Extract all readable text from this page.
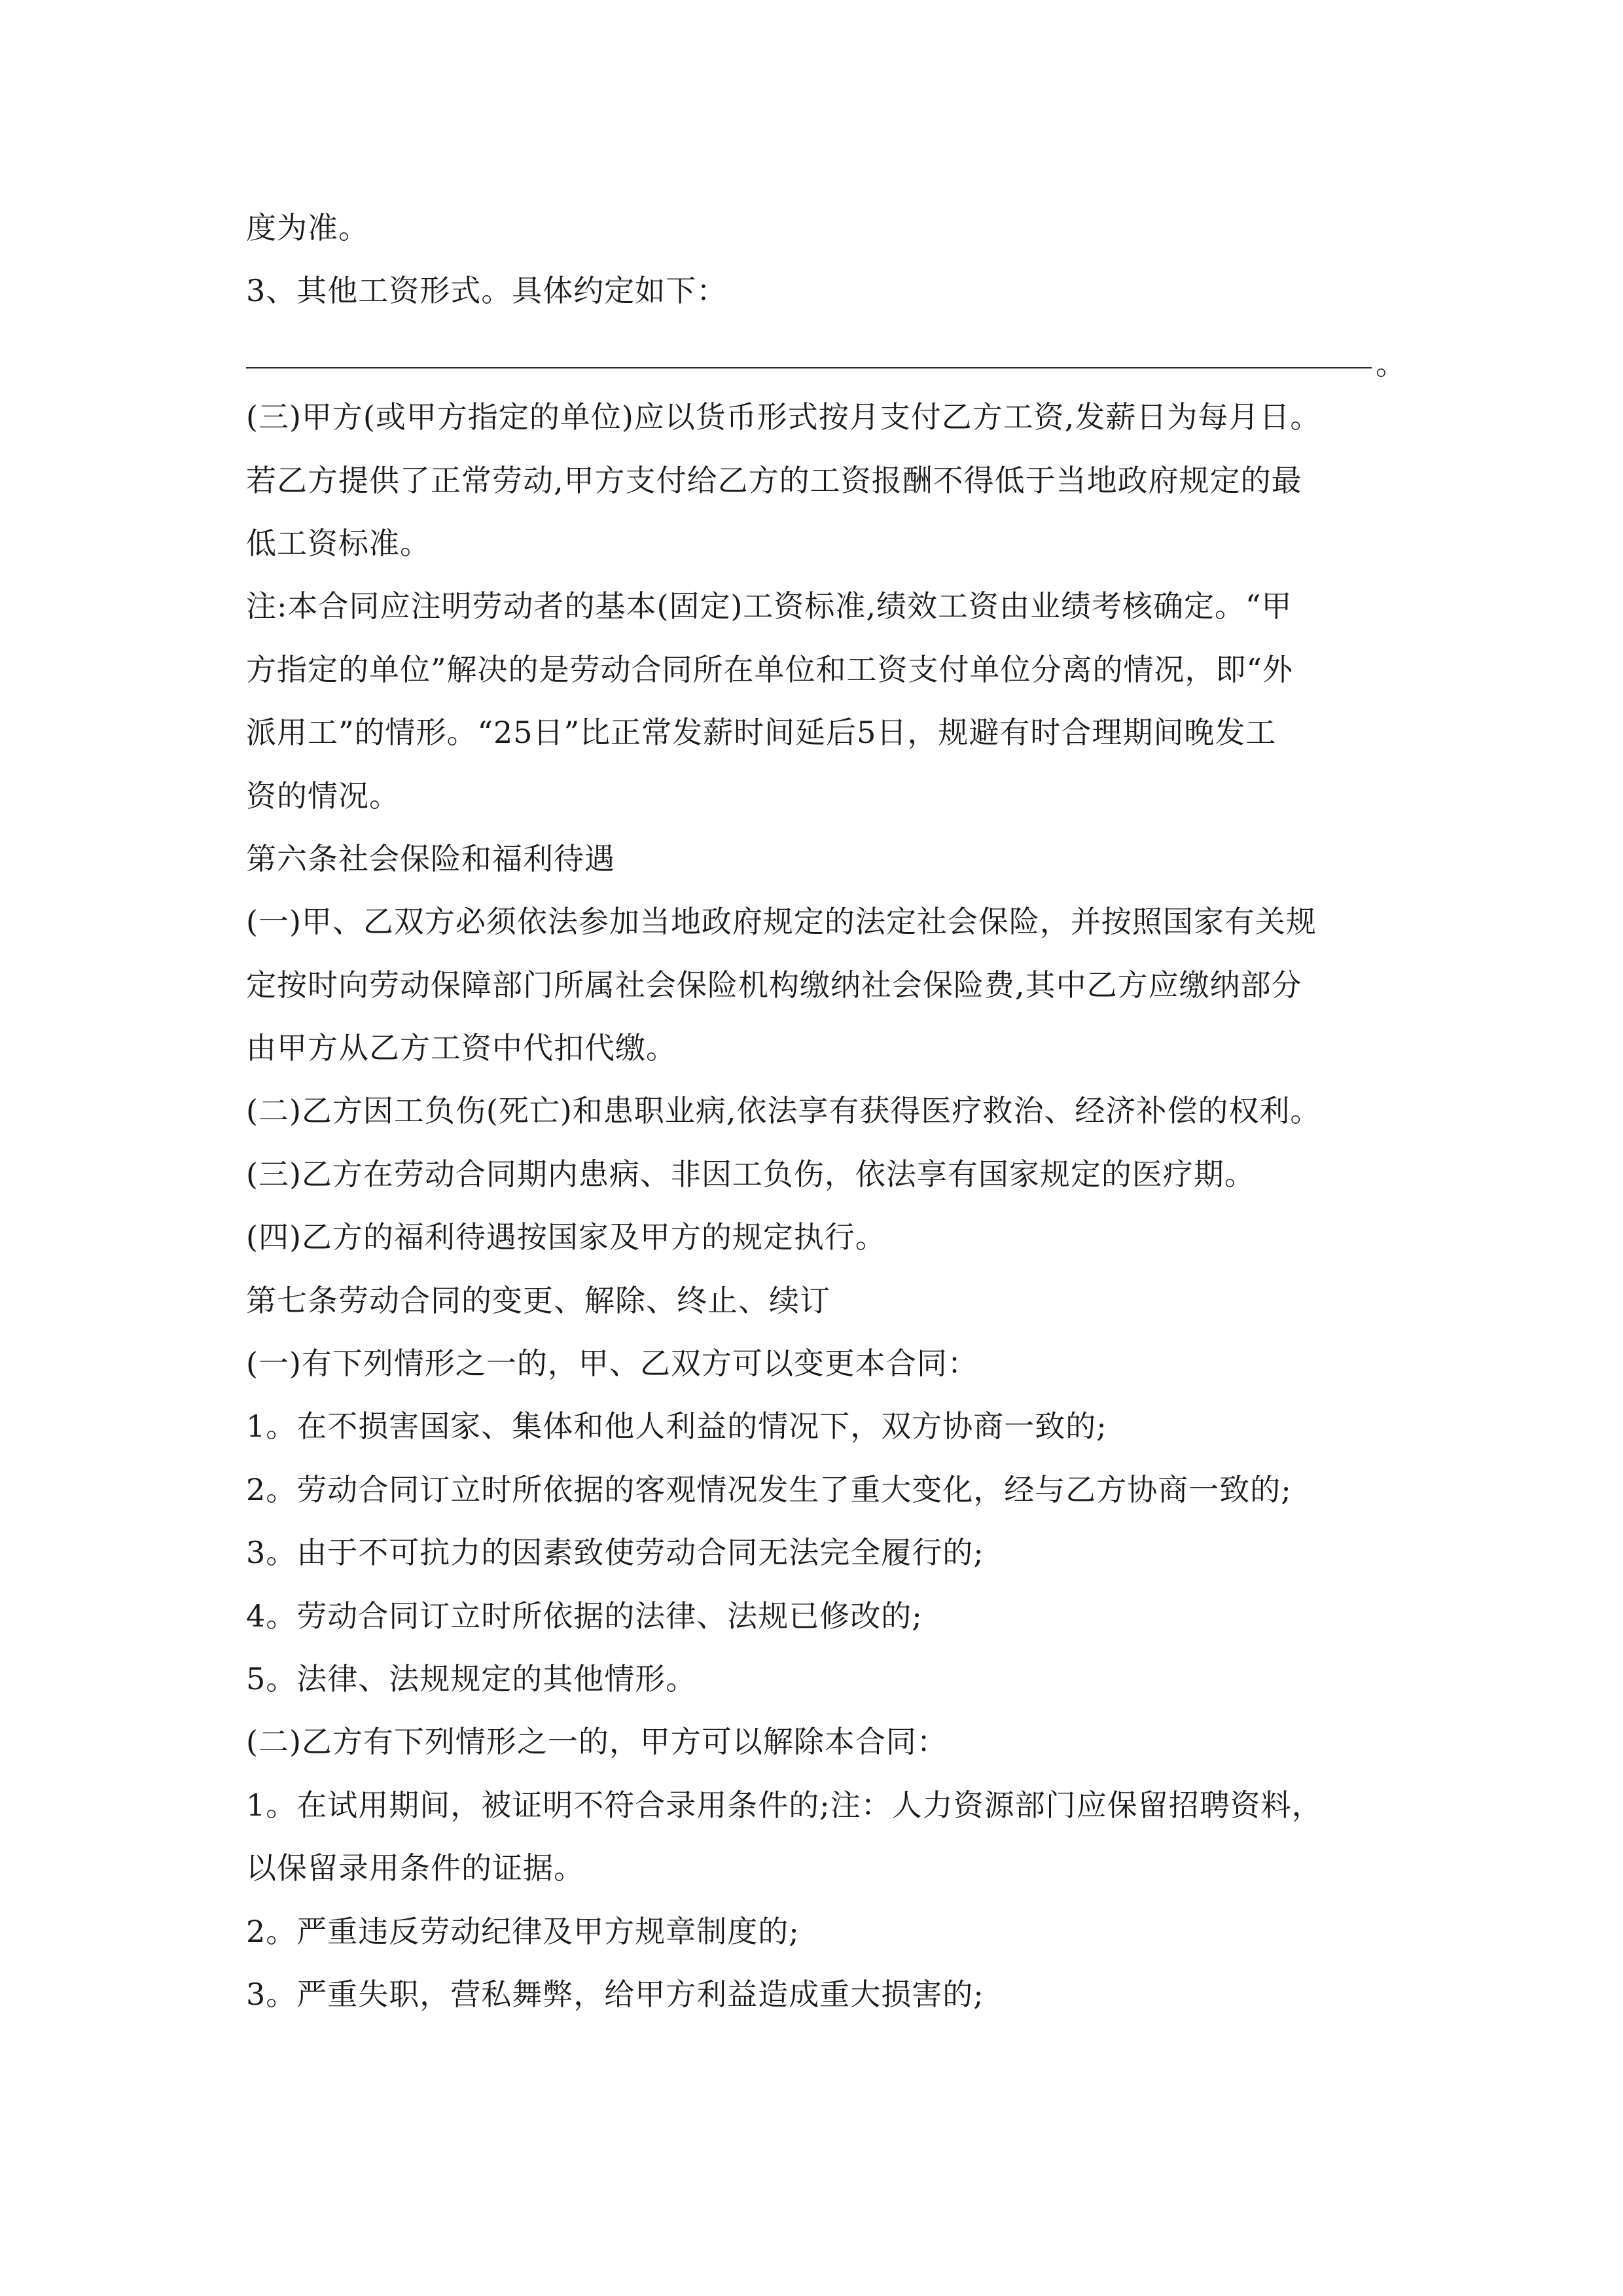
度为准。
3、其他工资形式。具体约定如下：
。
(三)甲方(或甲方指定的单位)应以货币形式按月支付乙方工资,发薪日为每月日。
若乙方提供了正常劳动,甲方支付给乙方的工资报酬不得低于当地政府规定的最
低工资标准。
注:本合同应注明劳动者的基本(固定)工资标准,绩效工资由业绩考核确定。“甲
方指定的单位”解决的是劳动合同所在单位和工资支付单位分离的情况，即“外
派用工”的情形。“25日”比正常发薪时间延后5日，规避有时合理期间晚发工
资的情况。
第六条社会保险和福利待遇
(一)甲、乙双方必须依法参加当地政府规定的法定社会保险，并按照国家有关规
定按时向劳动保障部门所属社会保险机构缴纳社会保险费,其中乙方应缴纳部分
由甲方从乙方工资中代扣代缴。
(二)乙方因工负伤(死亡)和患职业病,依法享有获得医疗救治、经济补偿的权利。
(三)乙方在劳动合同期内患病、非因工负伤，依法享有国家规定的医疗期。
(四)乙方的福利待遇按国家及甲方的规定执行。
第七条劳动合同的变更、解除、终止、续订
(一)有下列情形之一的，甲、乙双方可以变更本合同：
1。在不损害国家、集体和他人利益的情况下，双方协商一致的;
2。劳动合同订立时所依据的客观情况发生了重大变化，经与乙方协商一致的;
3。由于不可抗力的因素致使劳动合同无法完全履行的;
4。劳动合同订立时所依据的法律、法规已修改的;
5。法律、法规规定的其他情形。
(二)乙方有下列情形之一的，甲方可以解除本合同：
1。在试用期间，被证明不符合录用条件的;注：人力资源部门应保留招聘资料，
以保留录用条件的证据。
2。严重违反劳动纪律及甲方规章制度的;
3。严重失职，营私舞弊，给甲方利益造成重大损害的;
